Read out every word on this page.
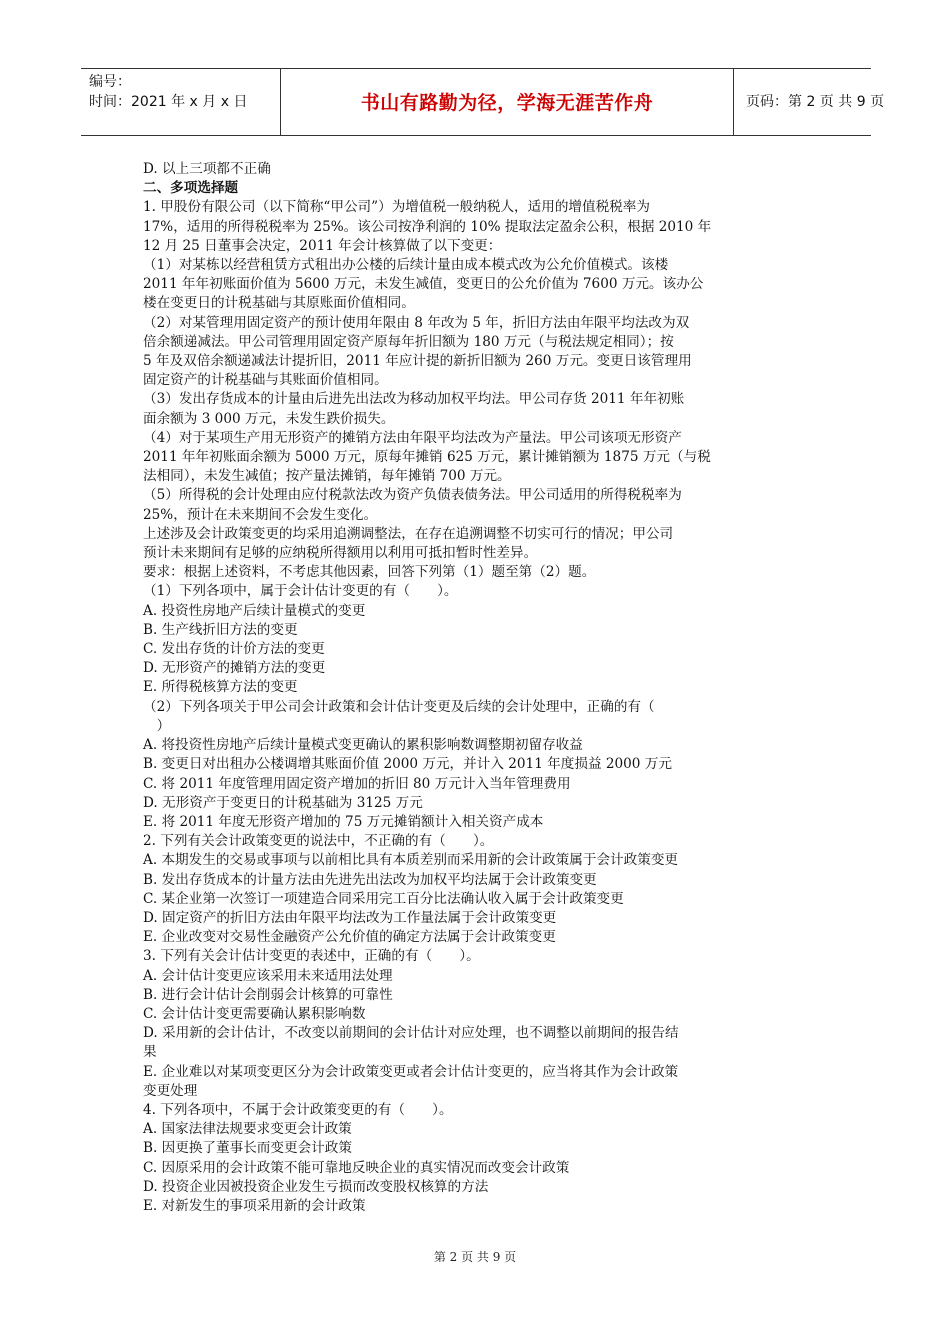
编号：
时间：2021 年 x 月 x 日	书山有路勤为径，学海无涯苦作舟	页码：第 2 页 共 9 页
D. 以上三项都不正确
二、多项选择题
1. 甲股份有限公司（以下简称“甲公司”）为增值税一般纳税人，适用的增值税税率为
17%，适用的所得税税率为 25%。该公司按净利润的 10% 提取法定盈余公积，根据 2010 年
12 月 25 日董事会决定，2011 年会计核算做了以下变更：
（1）对某栋以经营租赁方式租出办公楼的后续计量由成本模式改为公允价值模式。该楼
2011 年年初账面价值为 5600 万元，未发生减值，变更日的公允价值为 7600 万元。该办公
楼在变更日的计税基础与其原账面价值相同。
（2）对某管理用固定资产的预计使用年限由 8 年改为 5 年，折旧方法由年限平均法改为双
倍余额递减法。甲公司管理用固定资产原每年折旧额为 180 万元（与税法规定相同）；按
5 年及双倍余额递减法计提折旧，2011 年应计提的新折旧额为 260 万元。变更日该管理用
固定资产的计税基础与其账面价值相同。
（3）发出存货成本的计量由后进先出法改为移动加权平均法。甲公司存货 2011 年年初账
面余额为 3 000 万元，未发生跌价损失。
（4）对于某项生产用无形资产的摊销方法由年限平均法改为产量法。甲公司该项无形资产
2011 年年初账面余额为 5000 万元，原每年摊销 625 万元，累计摊销额为 1875 万元（与税
法相同），未发生减值；按产量法摊销，每年摊销 700 万元。
（5）所得税的会计处理由应付税款法改为资产负债表债务法。甲公司适用的所得税税率为
25%，预计在未来期间不会发生变化。
上述涉及会计政策变更的均采用追溯调整法，在存在追溯调整不切实可行的情况；甲公司
预计未来期间有足够的应纳税所得额用以利用可抵扣暂时性差异。
要求：根据上述资料，不考虑其他因素，回答下列第（1）题至第（2）题。
（1）下列各项中，属于会计估计变更的有（　　）。
A. 投资性房地产后续计量模式的变更
B. 生产线折旧方法的变更
C. 发出存货的计价方法的变更
D. 无形资产的摊销方法的变更
E. 所得税核算方法的变更
（2）下列各项关于甲公司会计政策和会计估计变更及后续的会计处理中，正确的有（
　）
A. 将投资性房地产后续计量模式变更确认的累积影响数调整期初留存收益
B. 变更日对出租办公楼调增其账面价值 2000 万元，并计入 2011 年度损益 2000 万元
C. 将 2011 年度管理用固定资产增加的折旧 80 万元计入当年管理费用
D. 无形资产于变更日的计税基础为 3125 万元
E. 将 2011 年度无形资产增加的 75 万元摊销额计入相关资产成本
2. 下列有关会计政策变更的说法中，不正确的有（　　）。
A. 本期发生的交易或事项与以前相比具有本质差别而采用新的会计政策属于会计政策变更
B. 发出存货成本的计量方法由先进先出法改为加权平均法属于会计政策变更
C. 某企业第一次签订一项建造合同采用完工百分比法确认收入属于会计政策变更
D. 固定资产的折旧方法由年限平均法改为工作量法属于会计政策变更
E. 企业改变对交易性金融资产公允价值的确定方法属于会计政策变更
3. 下列有关会计估计变更的表述中，正确的有（　　）。
A. 会计估计变更应该采用未来适用法处理
B. 进行会计估计会削弱会计核算的可靠性
C. 会计估计变更需要确认累积影响数
D. 采用新的会计估计，不改变以前期间的会计估计对应处理，也不调整以前期间的报告结
果
E. 企业难以对某项变更区分为会计政策变更或者会计估计变更的，应当将其作为会计政策
变更处理
4. 下列各项中，不属于会计政策变更的有（　　）。
A. 国家法律法规要求变更会计政策
B. 因更换了董事长而变更会计政策
C. 因原采用的会计政策不能可靠地反映企业的真实情况而改变会计政策
D. 投资企业因被投资企业发生亏损而改变股权核算的方法
E. 对新发生的事项采用新的会计政策
第 2 页 共 9 页
